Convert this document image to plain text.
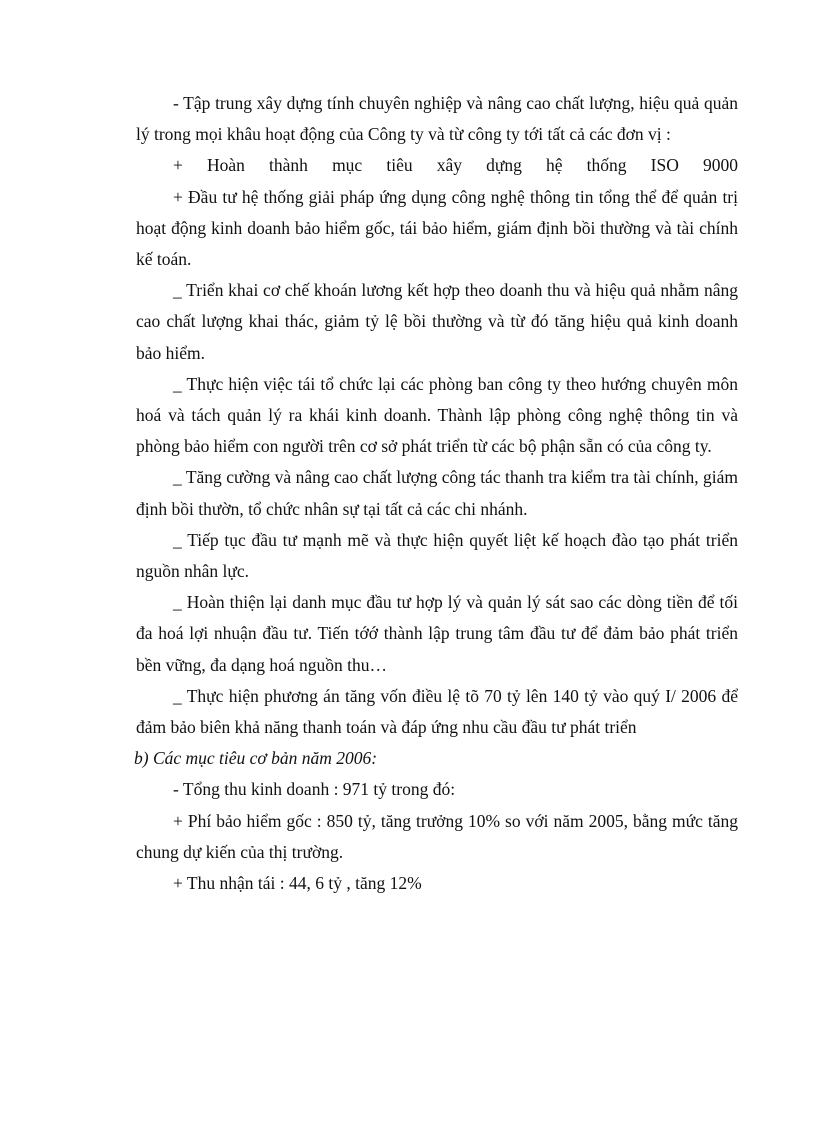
- Tập trung xây dựng tính chuyên nghiệp và nâng cao chất lượng, hiệu quả quản lý trong mọi khâu hoạt động của Công ty và từ công ty tới tất cả các đơn vị :

+ Hoàn thành mục tiêu xây dựng hệ thống ISO 9000

+ Đầu tư hệ thống giải pháp ứng dụng công nghệ thông tin tổng thể để quản trị hoạt động kinh doanh bảo hiểm gốc, tái bảo hiểm, giám định bồi thường và tài chính kế toán.

_ Triển khai cơ chế khoán lương kết hợp theo doanh thu và hiệu quả nhằm nâng cao chất lượng khai thác, giảm tỷ lệ bồi thường và từ đó tăng hiệu quả kinh doanh bảo hiểm.

_ Thực hiện việc tái tổ chức lại các phòng ban công ty theo hướng chuyên môn hoá và tách quản lý ra khái kinh doanh. Thành lập phòng công nghệ thông tin và phòng bảo hiểm con người trên cơ sở phát triển từ các bộ phận sẵn có của công ty.

_ Tăng cường và nâng cao chất lượng công tác thanh tra kiểm tra tài chính, giám định bồi thườn, tổ chức nhân sự tại tất cả các chi nhánh.

_ Tiếp tục đầu tư mạnh mẽ và thực hiện quyết liệt kế hoạch đào tạo phát triển nguồn nhân lực.

_ Hoàn thiện lại danh mục đầu tư hợp lý và quản lý sát sao các dòng tiền để tối đa hoá lợi nhuận đầu tư. Tiến tớớ thành lập trung tâm đầu tư để đảm bảo phát triển bền vững, đa dạng hoá nguồn thu…

_ Thực hiện phương án tăng vốn điều lệ tõ 70 tỷ lên 140 tỷ vào quý I/ 2006 để đảm bảo biên khả năng thanh toán và đáp ứng nhu cầu đầu tư phát triển

b) Các mục tiêu cơ bản năm 2006:

- Tổng thu kinh doanh : 971 tỷ trong đó:

+ Phí bảo hiểm gốc : 850 tỷ, tăng trưởng 10% so với năm 2005, bằng mức tăng chung dự kiến của thị trường.

+ Thu nhận tái : 44, 6 tỷ , tăng 12%
